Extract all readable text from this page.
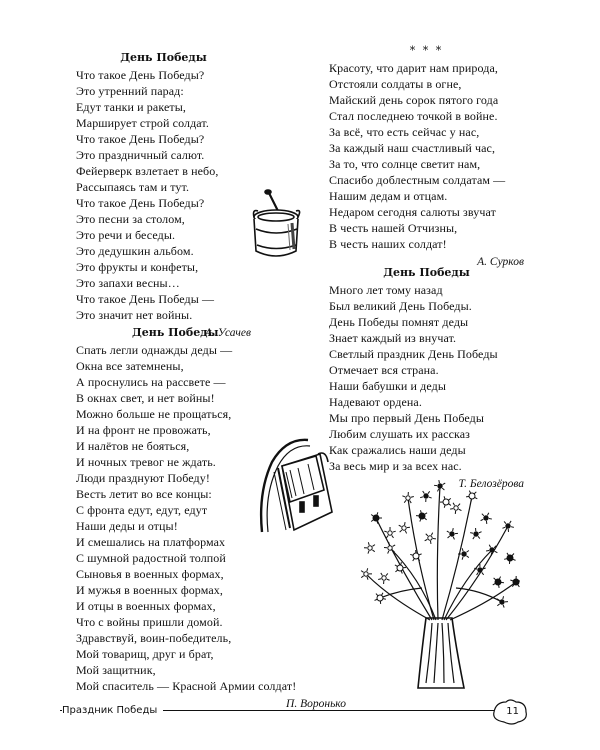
День Победы
Что такое День Победы?
Это утренний парад:
Едут танки и ракеты,
Марширует строй солдат.
Что такое День Победы?
Это праздничный салют.
Фейерверк взлетает в небо,
Рассыпаясь там и тут.
Что такое День Победы?
Это песни за столом,
Это речи и беседы.
Это дедушкин альбом.
Это фрукты и конфеты,
Это запахи весны…
Что такое День Победы —
Это значит нет войны.
А. Усачев
День Победы
Спать легли однажды деды —
Окна все затемнены,
А проснулись на рассвете —
В окнах свет, и нет войны!
Можно больше не прощаться,
И на фронт не провожать,
И налётов не бояться,
И ночных тревог не ждать.
Люди празднуют Победу!
Весть летит во все концы:
С фронта едут, едут, едут
Наши деды и отцы!
И смешались на платформах
С шумной радостной толпой
Сыновья в военных формах,
И мужья в военных формах,
И отцы в военных формах,
Что с войны пришли домой.
Здравствуй, воин-победитель,
Мой товарищ, друг и брат,
Мой защитник,
Мой спаситель — Красной Армии солдат!
П. Воронько
* * *
Красоту, что дарит нам природа,
Отстояли солдаты в огне,
Майский день сорок пятого года
Стал последнею точкой в войне.
За всё, что есть сейчас у нас,
За каждый наш счастливый час,
За то, что солнце светит нам,
Спасибо доблестным солдатам —
Нашим дедам и отцам.
Недаром сегодня салюты звучат
В честь нашей Отчизны,
В честь наших солдат!
А. Сурков
День Победы
Много лет тому назад
Был великий День Победы.
День Победы помнят деды
Знает каждый из внучат.
Светлый праздник День Победы
Отмечает вся страна.
Наши бабушки и деды
Надевают ордена.
Мы про первый День Победы
Любим слушать их рассказ
Как сражались наши деды
За весь мир и за всех нас.
Т. Белозёрова
Праздник Победы	11
